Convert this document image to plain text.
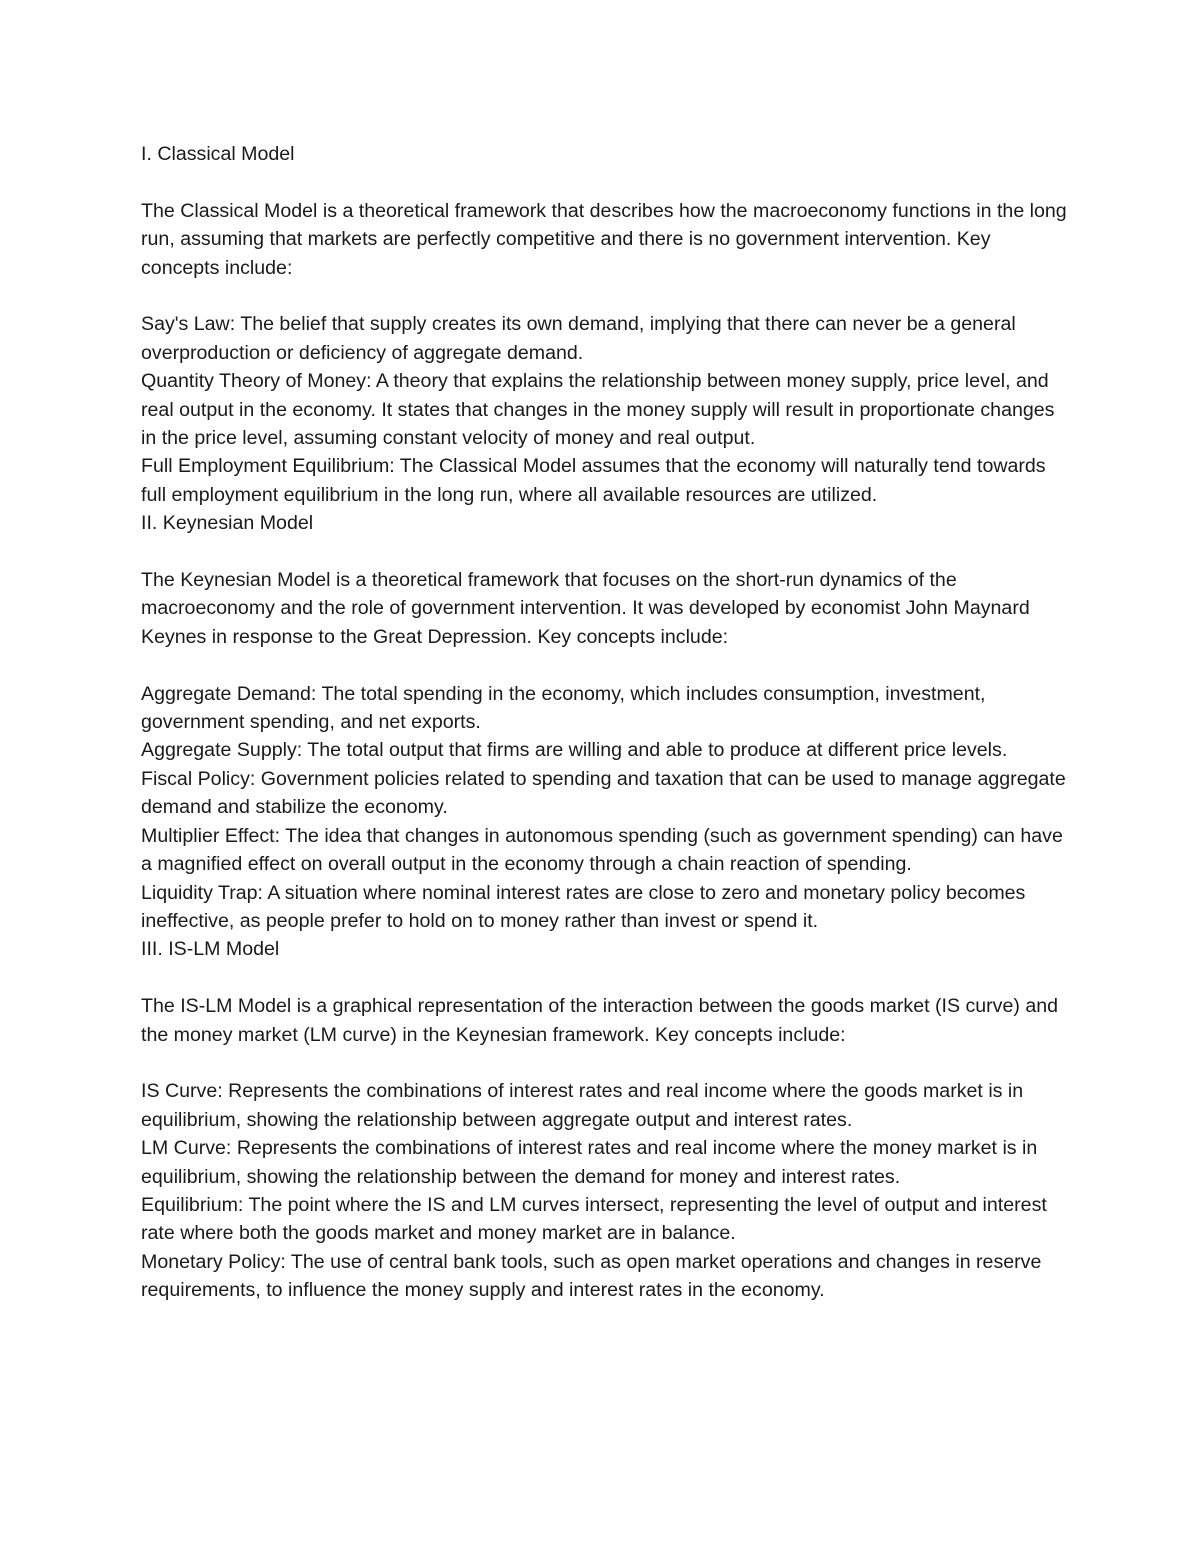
I. Classical Model
The Classical Model is a theoretical framework that describes how the macroeconomy functions in the long run, assuming that markets are perfectly competitive and there is no government intervention. Key concepts include:
Say's Law: The belief that supply creates its own demand, implying that there can never be a general overproduction or deficiency of aggregate demand.
Quantity Theory of Money: A theory that explains the relationship between money supply, price level, and real output in the economy. It states that changes in the money supply will result in proportionate changes in the price level, assuming constant velocity of money and real output.
Full Employment Equilibrium: The Classical Model assumes that the economy will naturally tend towards full employment equilibrium in the long run, where all available resources are utilized.
II. Keynesian Model
The Keynesian Model is a theoretical framework that focuses on the short-run dynamics of the macroeconomy and the role of government intervention. It was developed by economist John Maynard Keynes in response to the Great Depression. Key concepts include:
Aggregate Demand: The total spending in the economy, which includes consumption, investment, government spending, and net exports.
Aggregate Supply: The total output that firms are willing and able to produce at different price levels.
Fiscal Policy: Government policies related to spending and taxation that can be used to manage aggregate demand and stabilize the economy.
Multiplier Effect: The idea that changes in autonomous spending (such as government spending) can have a magnified effect on overall output in the economy through a chain reaction of spending.
Liquidity Trap: A situation where nominal interest rates are close to zero and monetary policy becomes ineffective, as people prefer to hold on to money rather than invest or spend it.
III. IS-LM Model
The IS-LM Model is a graphical representation of the interaction between the goods market (IS curve) and the money market (LM curve) in the Keynesian framework. Key concepts include:
IS Curve: Represents the combinations of interest rates and real income where the goods market is in equilibrium, showing the relationship between aggregate output and interest rates.
LM Curve: Represents the combinations of interest rates and real income where the money market is in equilibrium, showing the relationship between the demand for money and interest rates.
Equilibrium: The point where the IS and LM curves intersect, representing the level of output and interest rate where both the goods market and money market are in balance.
Monetary Policy: The use of central bank tools, such as open market operations and changes in reserve requirements, to influence the money supply and interest rates in the economy.
